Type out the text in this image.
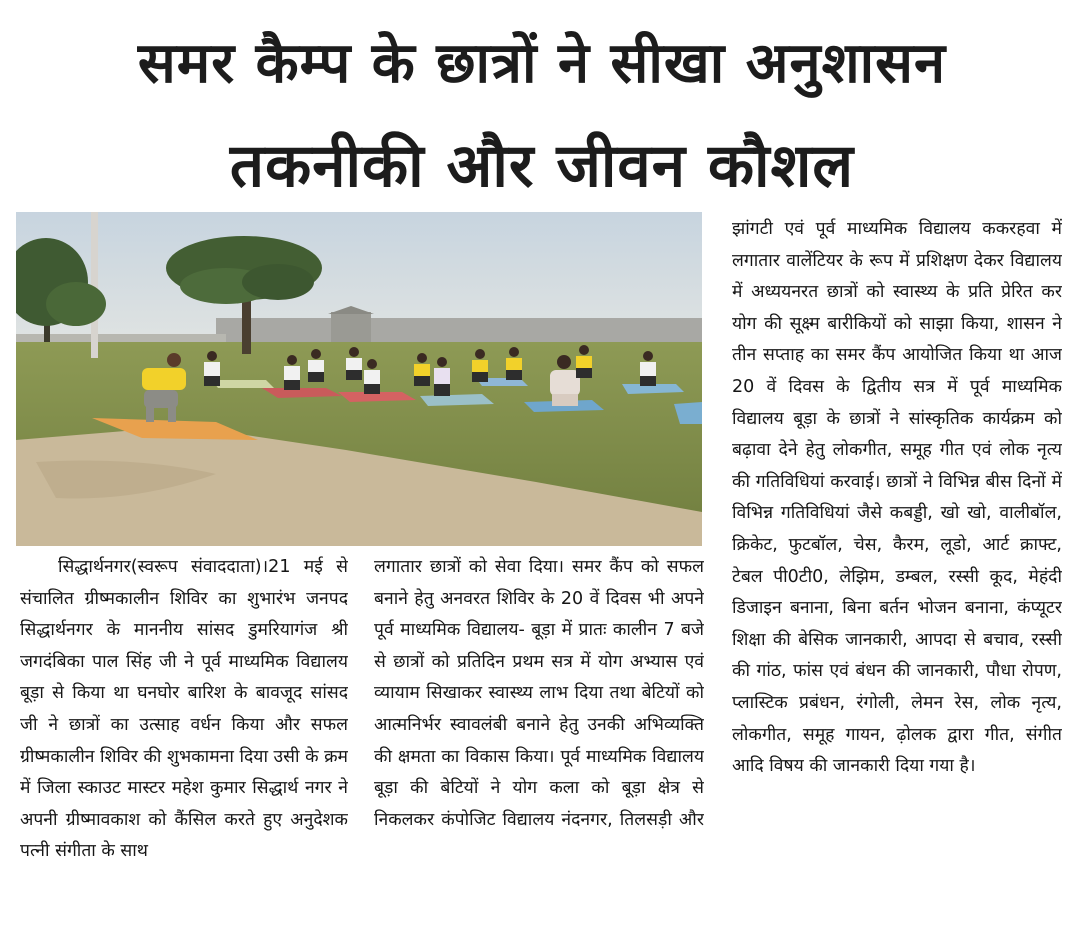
समर कैम्प के छात्रों ने सीखा अनुशासन
तकनीकी और जीवन कौशल

सिद्धार्थनगर(स्वरूप संवाददाता)।21 मई से संचालित ग्रीष्मकालीन शिविर का शुभारंभ जनपद सिद्धार्थनगर के माननीय सांसद डुमरियागंज श्री जगदंबिका पाल सिंह जी ने पूर्व माध्यमिक विद्यालय बूड़ा से किया था घनघोर बारिश के बावजूद सांसद जी ने छात्रों का उत्साह वर्धन किया और सफल ग्रीष्मकालीन शिविर की शुभकामना दिया उसी के क्रम में जिला स्काउट मास्टर महेश कुमार सिद्धार्थ नगर ने अपनी ग्रीष्मावकाश को कैंसिल करते हुए अनुदेशक पत्नी संगीता के साथ

लगातार छात्रों को सेवा दिया। समर कैंप को सफल बनाने हेतु अनवरत शिविर के 20 वें दिवस भी अपने पूर्व माध्यमिक विद्यालय- बूड़ा में प्रातः कालीन 7 बजे से छात्रों को प्रतिदिन प्रथम सत्र में योग अभ्यास एवं व्यायाम सिखाकर स्वास्थ्य लाभ दिया तथा बेटियों को आत्मनिर्भर स्वावलंबी बनाने हेतु उनकी अभिव्यक्ति की क्षमता का विकास किया। पूर्व माध्यमिक विद्यालय बूड़ा की बेटियों ने योग कला को बूड़ा क्षेत्र से निकलकर कंपोजिट विद्यालय नंदनगर, तिलसड़ी और

झांगटी एवं पूर्व माध्यमिक विद्यालय ककरहवा में लगातार वालेंटियर के रूप में प्रशिक्षण देकर विद्यालय में अध्ययनरत छात्रों को स्वास्थ्य के प्रति प्रेरित कर योग की सूक्ष्म बारीकियों को साझा किया, शासन ने तीन सप्ताह का समर कैंप आयोजित किया था आज 20 वें दिवस के द्वितीय सत्र में पूर्व माध्यमिक विद्यालय बूड़ा के छात्रों ने सांस्कृतिक कार्यक्रम को बढ़ावा देने हेतु लोकगीत, समूह गीत एवं लोक नृत्य की गतिविधियां करवाई। छात्रों ने विभिन्न बीस दिनों में विभिन्न गतिविधियां जैसे कबड्डी, खो खो, वालीबॉल, क्रिकेट, फुटबॉल, चेस, कैरम, लूडो, आर्ट क्राफ्ट, टेबल पी0टी0, लेझिम, डम्बल, रस्सी कूद, मेहंदी डिजाइन बनाना, बिना बर्तन भोजन बनाना, कंप्यूटर शिक्षा की बेसिक जानकारी, आपदा से बचाव, रस्सी की गांठ, फांस एवं बंधन की जानकारी, पौधा रोपण, प्लास्टिक प्रबंधन, रंगोली, लेमन रेस, लोक नृत्य, लोकगीत, समूह गायन, ढ़ोलक द्वारा गीत, संगीत आदि विषय की जानकारी दिया गया है।
